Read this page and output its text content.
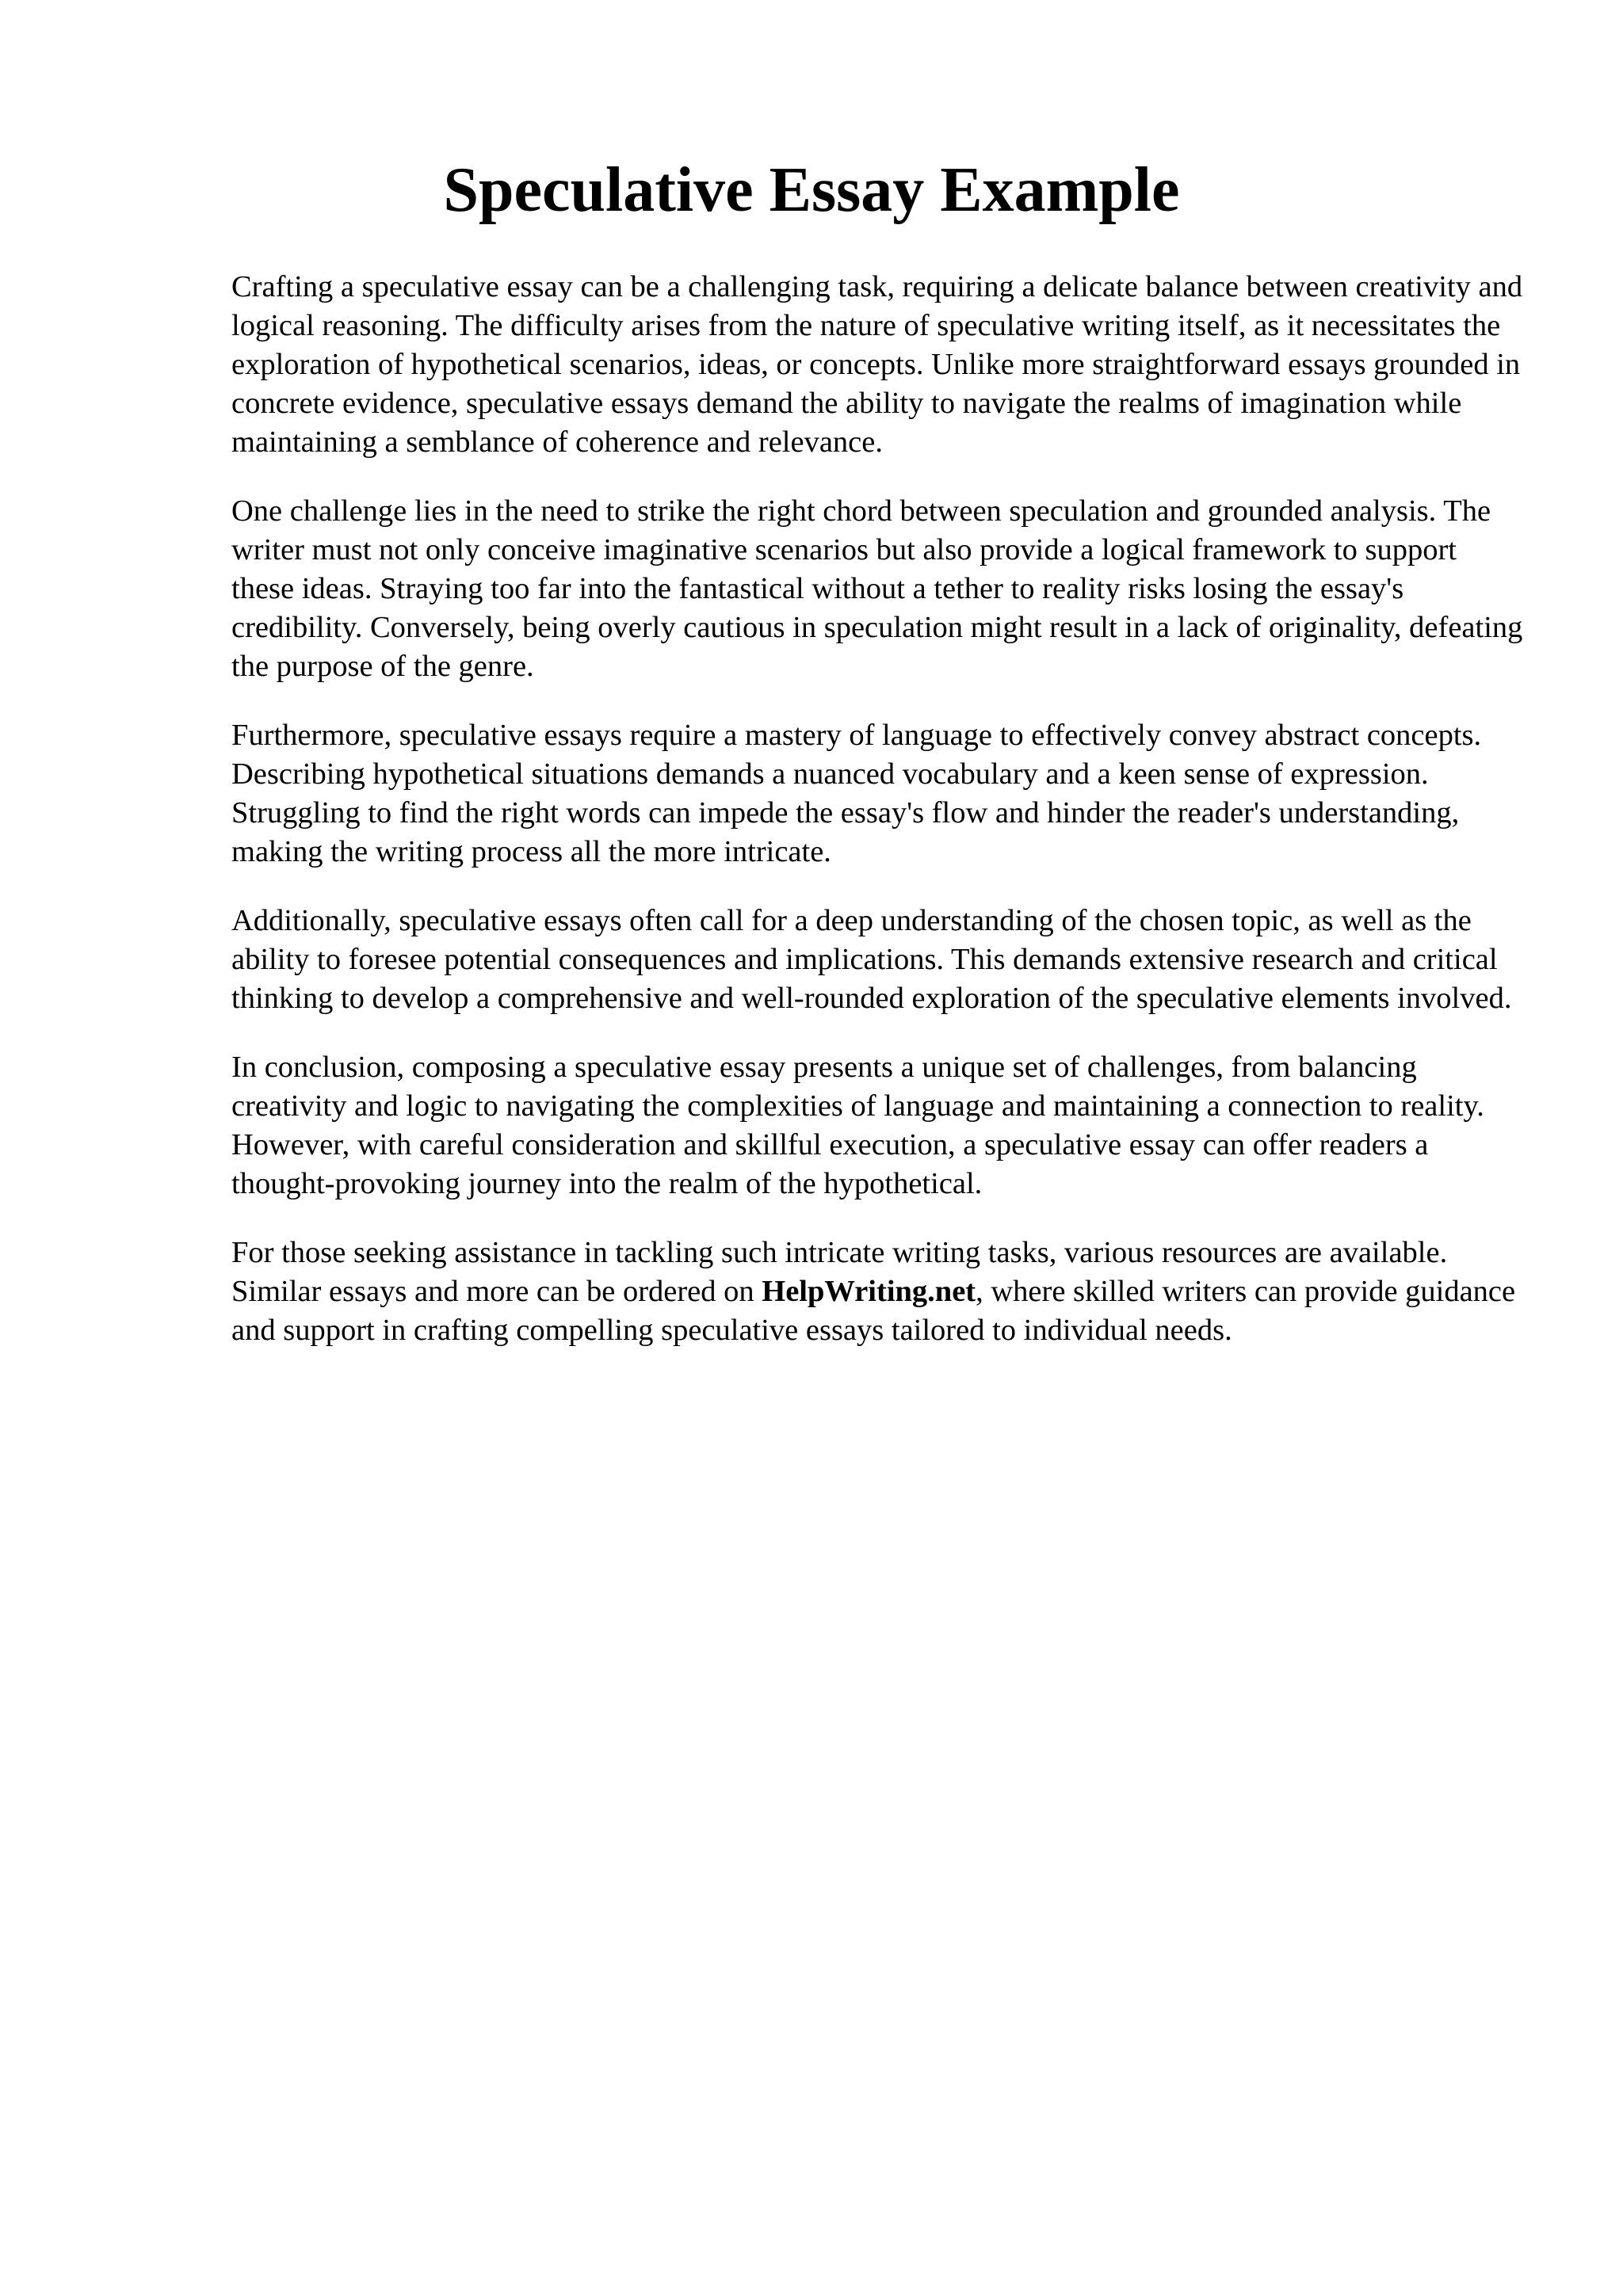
Speculative Essay Example

Crafting a speculative essay can be a challenging task, requiring a delicate balance between creativity and logical reasoning. The difficulty arises from the nature of speculative writing itself, as it necessitates the exploration of hypothetical scenarios, ideas, or concepts. Unlike more straightforward essays grounded in concrete evidence, speculative essays demand the ability to navigate the realms of imagination while maintaining a semblance of coherence and relevance.

One challenge lies in the need to strike the right chord between speculation and grounded analysis. The writer must not only conceive imaginative scenarios but also provide a logical framework to support these ideas. Straying too far into the fantastical without a tether to reality risks losing the essay's credibility. Conversely, being overly cautious in speculation might result in a lack of originality, defeating the purpose of the genre.

Furthermore, speculative essays require a mastery of language to effectively convey abstract concepts. Describing hypothetical situations demands a nuanced vocabulary and a keen sense of expression. Struggling to find the right words can impede the essay's flow and hinder the reader's understanding, making the writing process all the more intricate.

Additionally, speculative essays often call for a deep understanding of the chosen topic, as well as the ability to foresee potential consequences and implications. This demands extensive research and critical thinking to develop a comprehensive and well-rounded exploration of the speculative elements involved.

In conclusion, composing a speculative essay presents a unique set of challenges, from balancing creativity and logic to navigating the complexities of language and maintaining a connection to reality. However, with careful consideration and skillful execution, a speculative essay can offer readers a thought-provoking journey into the realm of the hypothetical.

For those seeking assistance in tackling such intricate writing tasks, various resources are available. Similar essays and more can be ordered on HelpWriting.net, where skilled writers can provide guidance and support in crafting compelling speculative essays tailored to individual needs.
